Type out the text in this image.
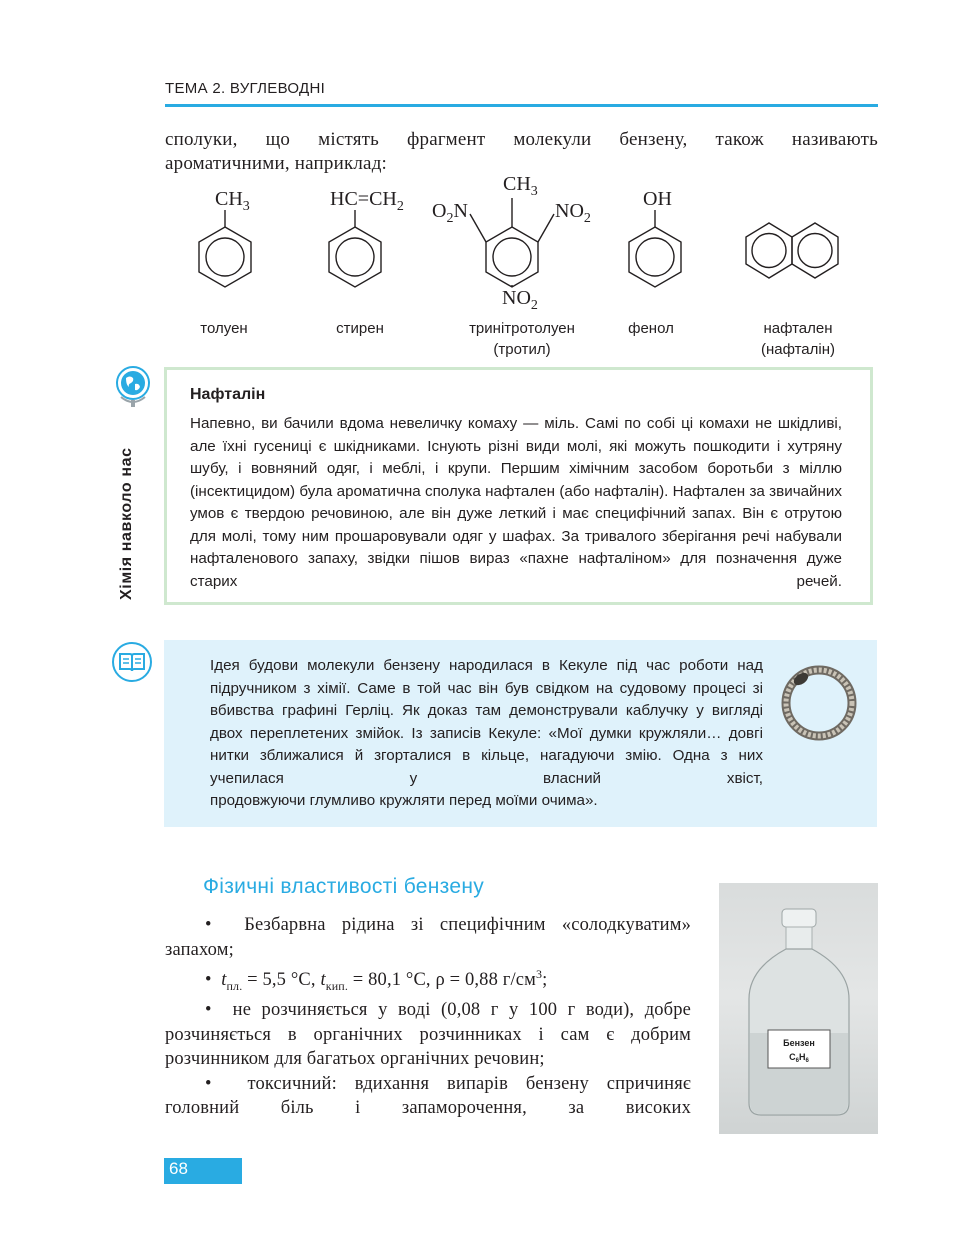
ТЕМА 2. ВУГЛЕВОДНІ
сполуки, що містять фрагмент молекули бензену, також називають
ароматичними, наприклад:
$CH_3$	$HC=CH_2$
$CH_3$
$O_2N$	$NO_2$
$NO_2$
OH
толуен	стирен	тринітротолуен
(тротил)
фенол	нафтален
(нафталін)
Хімія навколо нас
Нафталін
Напевно, ви бачили вдома невеличку комаху — міль. Самі по собі ці комахи не шкідливі, але їхні гусениці є шкідниками. Існують різні види молі, які можуть пошкодити і хутряну шубу, і вовняний одяг, і меблі, і крупи. Першим хімічним засобом боротьби з міллю (інсектицидом) була ароматична сполука нафтален (або нафталін). Нафтален за звичайних умов є твердою речовиною, але він дуже леткий і має специфічний запах. Він є отрутою для молі, тому ним прошаровували одяг у шафах. За тривалого зберігання речі набували нафталенового запаху, звідки пішов вираз «пахне нафталіном» для позначення дуже старих речей.
Ідея будови молекули бензену народилася в Кекуле під час роботи над підручником з хімії. Саме в той час він був свідком на судовому процесі зі вбивства графині Герліц. Як доказ там демонстрували каблучку у вигляді двох переплетених змійок. Із записів Кекуле: «Мої думки кружляли… довгі нитки зближалися й згорталися в кільце, нагадуючи змію. Одна з них учепилася у власний хвіст,
продовжуючи глумливо кружляти перед моїми очима».
Фізичні властивості бензену
•  Безбарвна рідина зі специфічним «солодкуватим» запахом;
•  $t_{пл.} = 5,5$ °C, $t_{кип.} = 80,1$ °C, ρ = 0,88 $г/см^3$;
•  не розчиняється у воді (0,08 г у 100 г води), добре розчиняється в органічних розчинниках і сам є добрим розчинником для багатьох органічних речовин;
•  токсичний: вдихання випарів бензену спричиняє головний біль і запаморочення, за високих
Бензен
$C_6H_6$
68
